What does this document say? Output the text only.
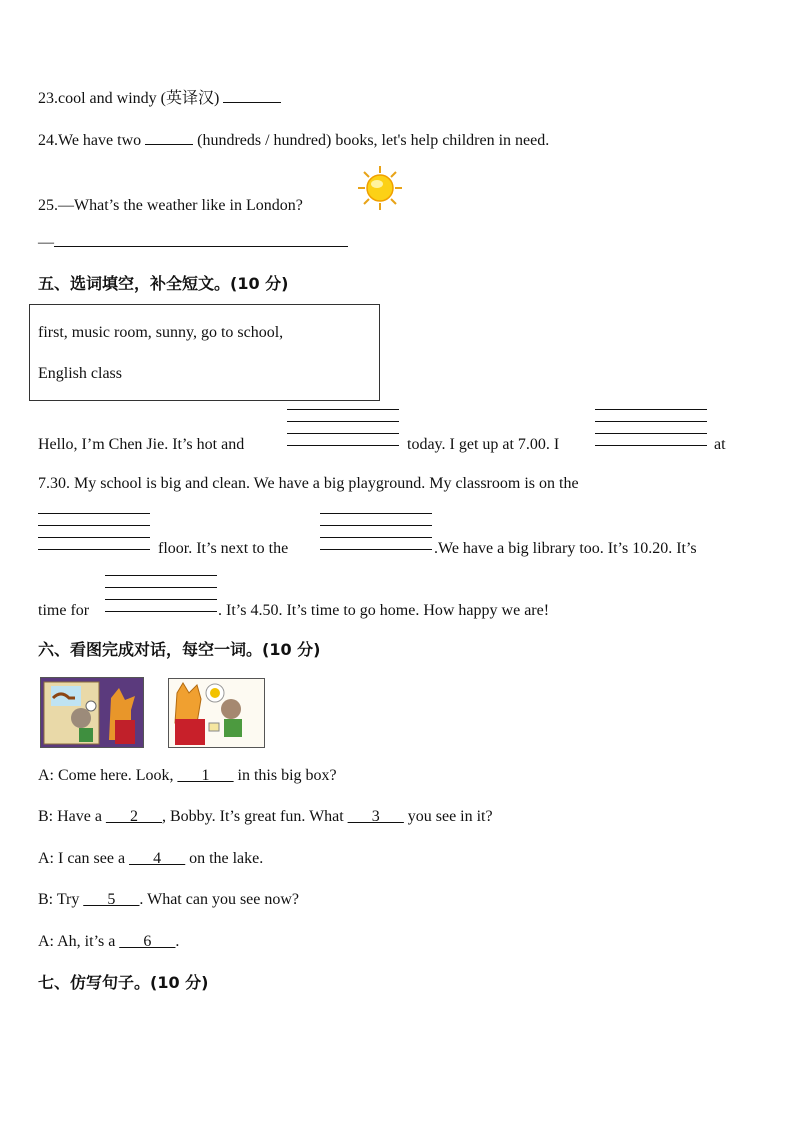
23.cool and windy (英译汉)
24.We have two	(hundreds / hundred) books, let's help children in need.
25.—What’s the weather like in London?
—
五、选词填空，补全短文。(10 分)
first, music room, sunny, go to school,
English class
Hello, I’m Chen Jie. It’s hot and	today. I get up at 7.00. I	at
7.30. My school is big and clean. We have a big playground. My classroom is on the
floor. It’s next to the	.We have a big library too. It’s 10.20. It’s
time for	. It’s 4.50. It’s time to go home. How happy we are!
六、看图完成对话，每空一词。(10 分)
A: Come here. Look, ___1___ in this big box?
B: Have a ___2___, Bobby. It’s great fun. What ___3___ you see in it?
A: I can see a ___4___ on the lake.
B: Try ___5___. What can you see now?
A: Ah, it’s a ___6___.
七、仿写句子。(10 分)
